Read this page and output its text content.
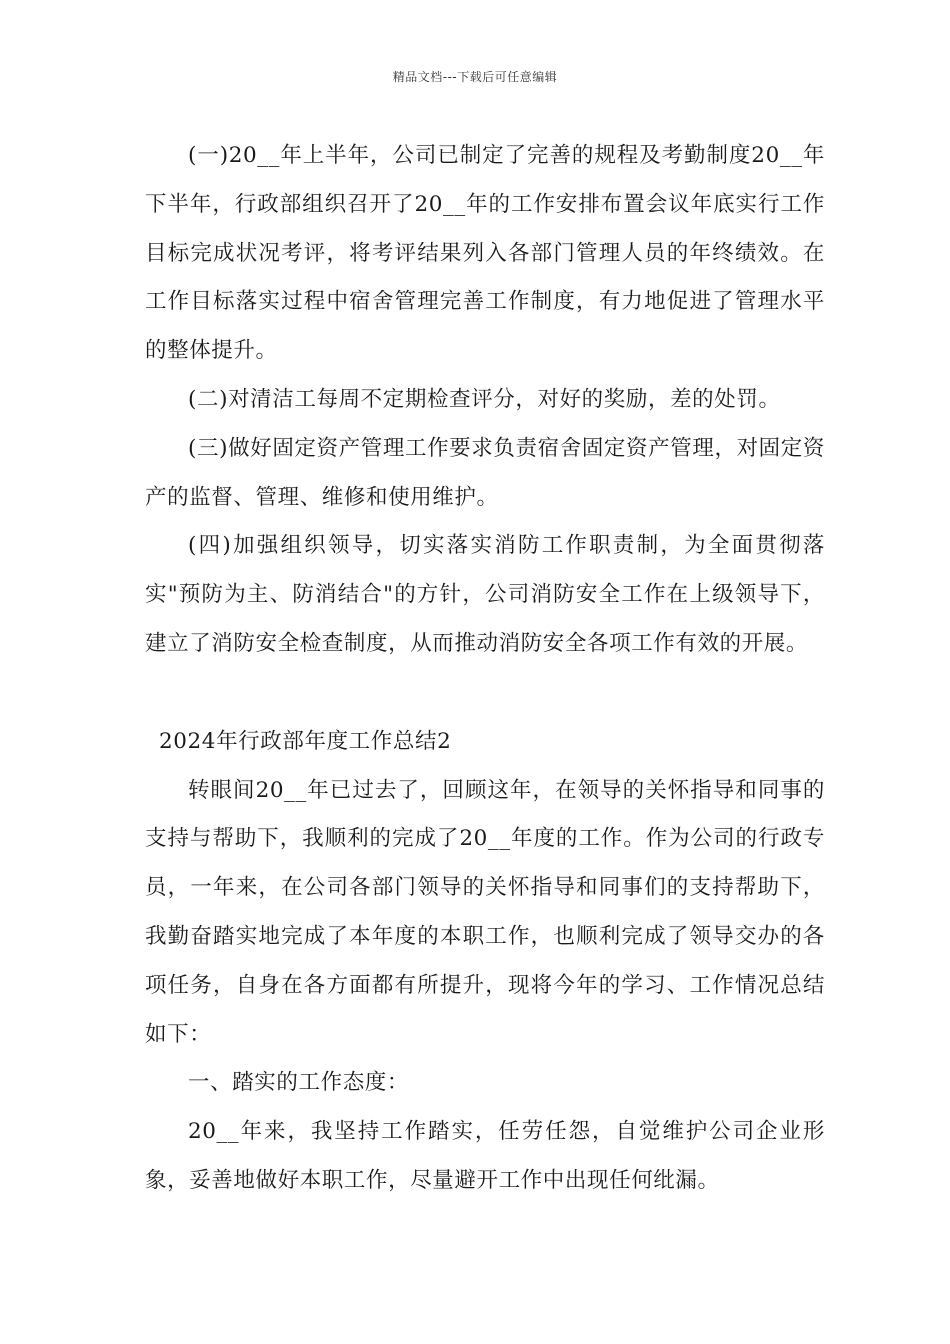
精品文档---下载后可任意编辑

(一)20__年上半年，公司已制定了完善的规程及考勤制度20__年下半年，行政部组织召开了20__年的工作安排布置会议年底实行工作目标完成状况考评，将考评结果列入各部门管理人员的年终绩效。在工作目标落实过程中宿舍管理完善工作制度，有力地促进了管理水平的整体提升。

(二)对清洁工每周不定期检查评分，对好的奖励，差的处罚。

(三)做好固定资产管理工作要求负责宿舍固定资产管理，对固定资产的监督、管理、维修和使用维护。

(四)加强组织领导，切实落实消防工作职责制，为全面贯彻落实"预防为主、防消结合"的方针，公司消防安全工作在上级领导下，建立了消防安全检查制度，从而推动消防安全各项工作有效的开展。

2024年行政部年度工作总结2

转眼间20__年已过去了，回顾这年，在领导的关怀指导和同事的支持与帮助下，我顺利的完成了20__年度的工作。作为公司的行政专员，一年来，在公司各部门领导的关怀指导和同事们的支持帮助下，我勤奋踏实地完成了本年度的本职工作，也顺利完成了领导交办的各项任务，自身在各方面都有所提升，现将今年的学习、工作情况总结如下：

一、踏实的工作态度：

20__年来，我坚持工作踏实，任劳任怨，自觉维护公司企业形象，妥善地做好本职工作，尽量避开工作中出现任何纰漏。
